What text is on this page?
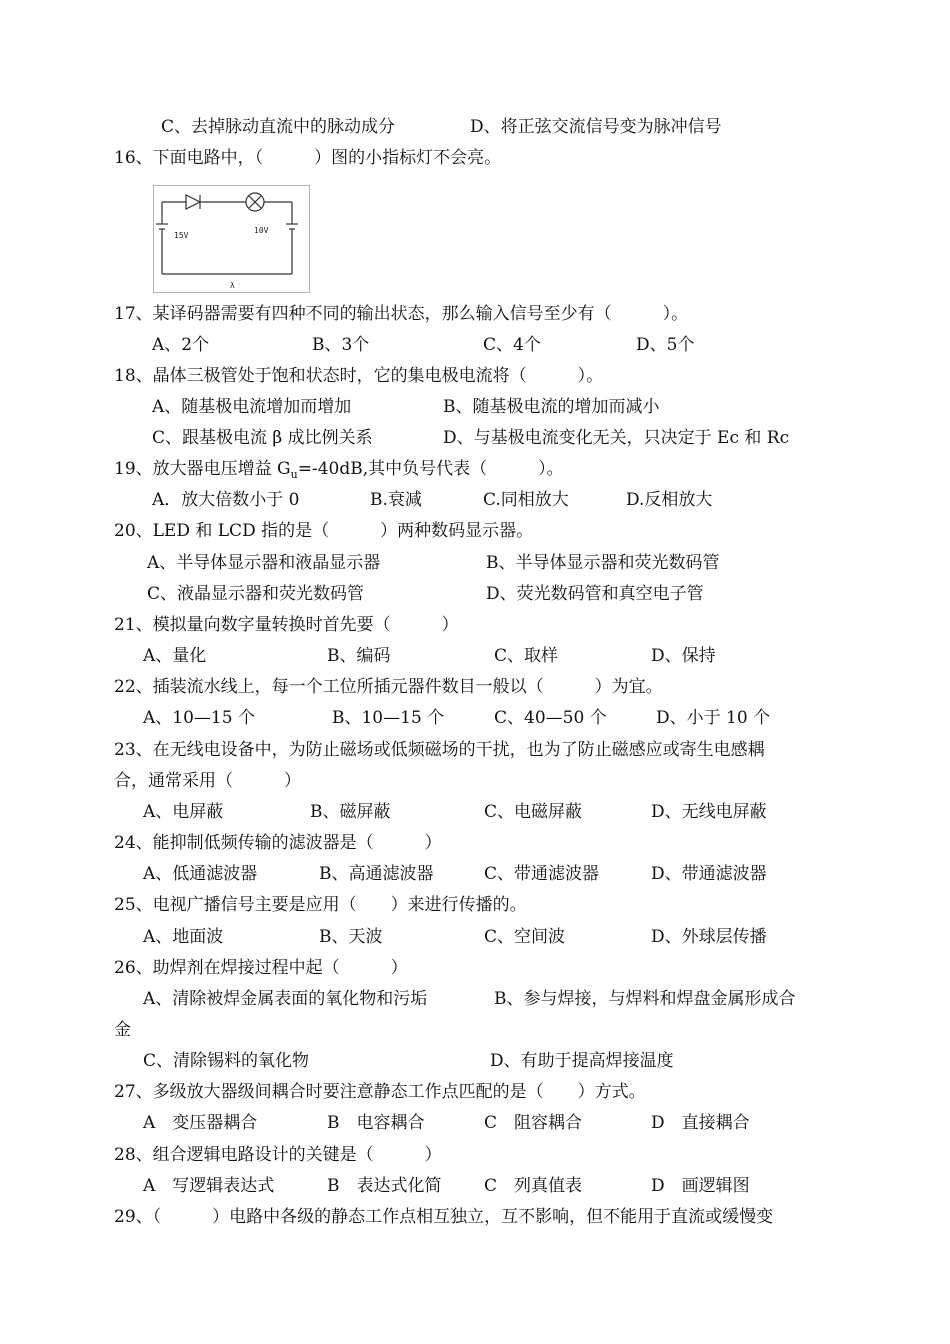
C、去掉脉动直流中的脉动成分	D、将正弦交流信号变为脉冲信号
16、下面电路中，（　　　）图的小指标灯不会亮。
15V
10V
λ
17、某译码器需要有四种不同的输出状态，那么输入信号至少有（　　　）。
A、2个	B、3个	C、4个	D、5个
18、晶体三极管处于饱和状态时，它的集电极电流将（　　　）。
A、随基极电流增加而增加	B、随基极电流的增加而减小
C、跟基极电流 β 成比例关系	D、与基极电流变化无关，只决定于 Ec 和 Rc
19、放大器电压增益 $G_u=-40dB$,其中负号代表（　　　）。
A．放大倍数小于 0	B.衰减	C.同相放大	D.反相放大
20、LED 和 LCD 指的是（　　　）两种数码显示器。
A、半导体显示器和液晶显示器	B、半导体显示器和荧光数码管
C、液晶显示器和荧光数码管	D、荧光数码管和真空电子管
21、模拟量向数字量转换时首先要（　　　）
A、量化	B、编码	C、取样	D、保持
22、插装流水线上，每一个工位所插元器件数目一般以（　　　）为宜。
A、10—15 个	B、10—15 个	C、40—50 个	D、小于 10 个
23、在无线电设备中，为防止磁场或低频磁场的干扰，也为了防止磁感应或寄生电感耦
合，通常采用（　　　）
A、电屏蔽	B、磁屏蔽	C、电磁屏蔽	D、无线电屏蔽
24、能抑制低频传输的滤波器是（　　　）
A、低通滤波器	B、高通滤波器	C、带通滤波器	D、带通滤波器
25、电视广播信号主要是应用（　　）来进行传播的。
A、地面波	B、天波	C、空间波	D、外球层传播
26、助焊剂在焊接过程中起（　　　）
A、清除被焊金属表面的氧化物和污垢	B、参与焊接，与焊料和焊盘金属形成合
金
C、清除锡料的氧化物	D、有助于提高焊接温度
27、多级放大器级间耦合时要注意静态工作点匹配的是（　　）方式。
A　变压器耦合	B　电容耦合	C　阻容耦合	D　直接耦合
28、组合逻辑电路设计的关键是（　　　）
A　写逻辑表达式	B　表达式化简	C　列真值表	D　画逻辑图
29、（　　　）电路中各级的静态工作点相互独立，互不影响，但不能用于直流或缓慢变
